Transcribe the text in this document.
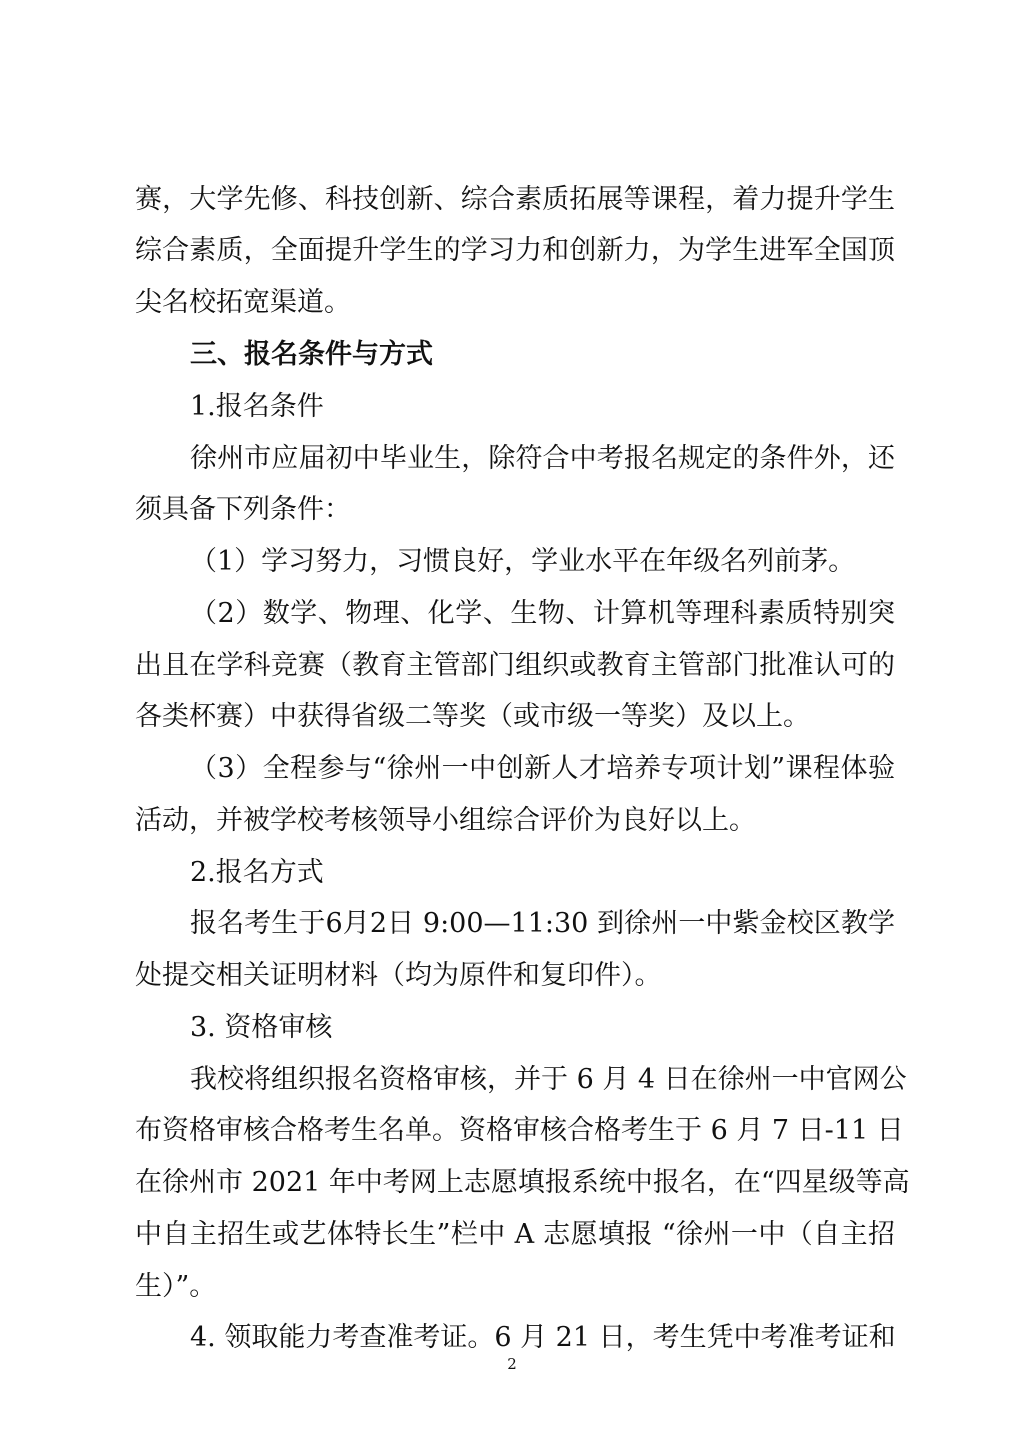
赛，大学先修、科技创新、综合素质拓展等课程，着力提升学生
综合素质，全面提升学生的学习力和创新力，为学生进军全国顶
尖名校拓宽渠道。
三、报名条件与方式
1.报名条件
徐州市应届初中毕业生，除符合中考报名规定的条件外，还
须具备下列条件：
（1）学习努力，习惯良好，学业水平在年级名列前茅。
（2）数学、物理、化学、生物、计算机等理科素质特别突
出且在学科竞赛（教育主管部门组织或教育主管部门批准认可的
各类杯赛）中获得省级二等奖（或市级一等奖）及以上。
（3）全程参与“徐州一中创新人才培养专项计划”课程体验
活动，并被学校考核领导小组综合评价为良好以上。
2.报名方式
报名考生于6月2日 9:00—11:30 到徐州一中紫金校区教学
处提交相关证明材料（均为原件和复印件）。
3. 资格审核
我校将组织报名资格审核，并于 6 月 4 日在徐州一中官网公
布资格审核合格考生名单。资格审核合格考生于 6 月 7 日-11 日
在徐州市 2021 年中考网上志愿填报系统中报名，在“四星级等高
中自主招生或艺体特长生”栏中 A 志愿填报 “徐州一中（自主招
生）”。
4. 领取能力考查准考证。6 月 21 日，考生凭中考准考证和
2
